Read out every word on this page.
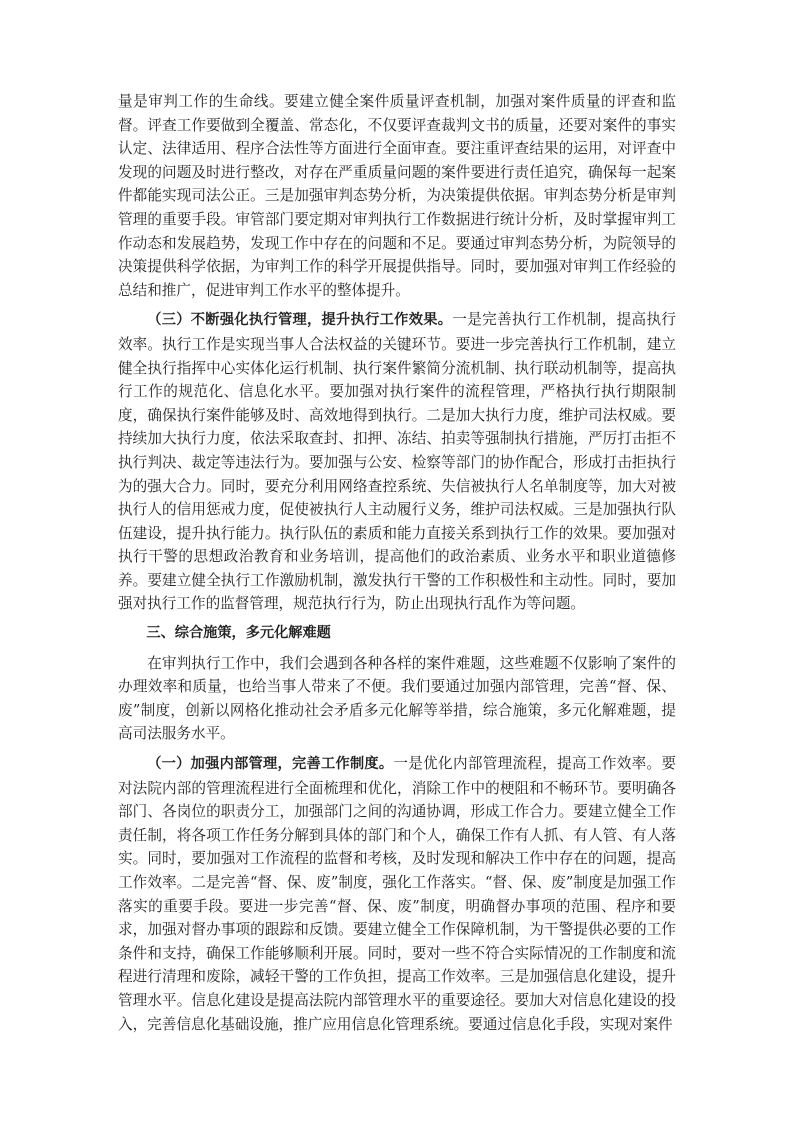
量是审判工作的生命线。要建立健全案件质量评查机制，加强对案件质量的评查和监督。评查工作要做到全覆盖、常态化，不仅要评查裁判文书的质量，还要对案件的事实认定、法律适用、程序合法性等方面进行全面审查。要注重评查结果的运用，对评查中发现的问题及时进行整改，对存在严重质量问题的案件要进行责任追究，确保每一起案件都能实现司法公正。三是加强审判态势分析，为决策提供依据。审判态势分析是审判管理的重要手段。审管部门要定期对审判执行工作数据进行统计分析，及时掌握审判工作动态和发展趋势，发现工作中存在的问题和不足。要通过审判态势分析，为院领导的决策提供科学依据，为审判工作的科学开展提供指导。同时，要加强对审判工作经验的总结和推广，促进审判工作水平的整体提升。

（三）不断强化执行管理，提升执行工作效果。一是完善执行工作机制，提高执行效率。执行工作是实现当事人合法权益的关键环节。要进一步完善执行工作机制，建立健全执行指挥中心实体化运行机制、执行案件繁简分流机制、执行联动机制等，提高执行工作的规范化、信息化水平。要加强对执行案件的流程管理，严格执行执行期限制度，确保执行案件能够及时、高效地得到执行。二是加大执行力度，维护司法权威。要持续加大执行力度，依法采取查封、扣押、冻结、拍卖等强制执行措施，严厉打击拒不执行判决、裁定等违法行为。要加强与公安、检察等部门的协作配合，形成打击拒执行为的强大合力。同时，要充分利用网络查控系统、失信被执行人名单制度等，加大对被执行人的信用惩戒力度，促使被执行人主动履行义务，维护司法权威。三是加强执行队伍建设，提升执行能力。执行队伍的素质和能力直接关系到执行工作的效果。要加强对执行干警的思想政治教育和业务培训，提高他们的政治素质、业务水平和职业道德修养。要建立健全执行工作激励机制，激发执行干警的工作积极性和主动性。同时，要加强对执行工作的监督管理，规范执行行为，防止出现执行乱作为等问题。

三、综合施策，多元化解难题

在审判执行工作中，我们会遇到各种各样的案件难题，这些难题不仅影响了案件的办理效率和质量，也给当事人带来了不便。我们要通过加强内部管理，完善“督、保、废”制度，创新以网格化推动社会矛盾多元化解等举措，综合施策，多元化解难题，提高司法服务水平。

（一）加强内部管理，完善工作制度。一是优化内部管理流程，提高工作效率。要对法院内部的管理流程进行全面梳理和优化，消除工作中的梗阻和不畅环节。要明确各部门、各岗位的职责分工，加强部门之间的沟通协调，形成工作合力。要建立健全工作责任制，将各项工作任务分解到具体的部门和个人，确保工作有人抓、有人管、有人落实。同时，要加强对工作流程的监督和考核，及时发现和解决工作中存在的问题，提高工作效率。二是完善“督、保、废”制度，强化工作落实。“督、保、废”制度是加强工作落实的重要手段。要进一步完善“督、保、废”制度，明确督办事项的范围、程序和要求，加强对督办事项的跟踪和反馈。要建立健全工作保障机制，为干警提供必要的工作条件和支持，确保工作能够顺利开展。同时，要对一些不符合实际情况的工作制度和流程进行清理和废除，减轻干警的工作负担，提高工作效率。三是加强信息化建设，提升管理水平。信息化建设是提高法院内部管理水平的重要途径。要加大对信息化建设的投入，完善信息化基础设施，推广应用信息化管理系统。要通过信息化手段，实现对案件
